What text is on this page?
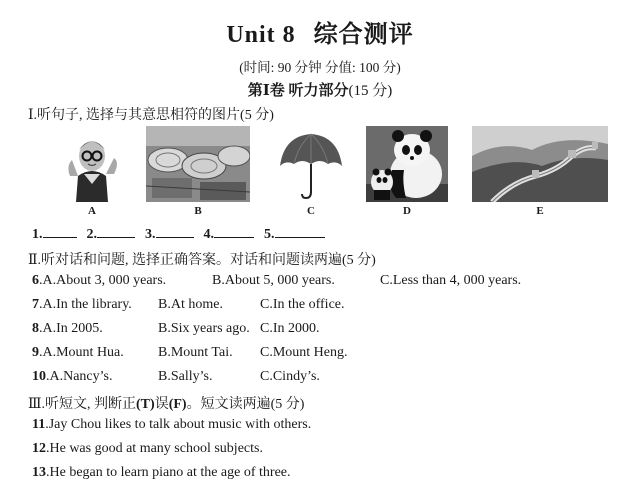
Unit 8 综合测评
(时间: 90 分钟 分值: 100 分)
第Ⅰ卷 听力部分(15 分)
Ⅰ.听句子, 选择与其意思相符的图片(5 分)
A	B	C	D	E
1.	2.	3.	4.	5.
Ⅱ.听对话和问题, 选择正确答案。对话和问题读两遍(5 分)
6.A.About 3, 000 years.	B.About 5, 000 years.	C.Less than 4, 000 years.
7.A.In the library. B.At home.	C.In the office.
8.A.In 2005.	B.Six years ago. C.In 2000.
9.A.Mount Hua. B.Mount Tai. C.Mount Heng.
10.A.Nancy’s.	B.Sally’s.	C.Cindy’s.
Ⅲ.听短文, 判断正(T)误(F)。短文读两遍(5 分)
11.Jay Chou likes to talk about music with others.
12.He was good at many school subjects.
13.He began to learn piano at the age of three.
